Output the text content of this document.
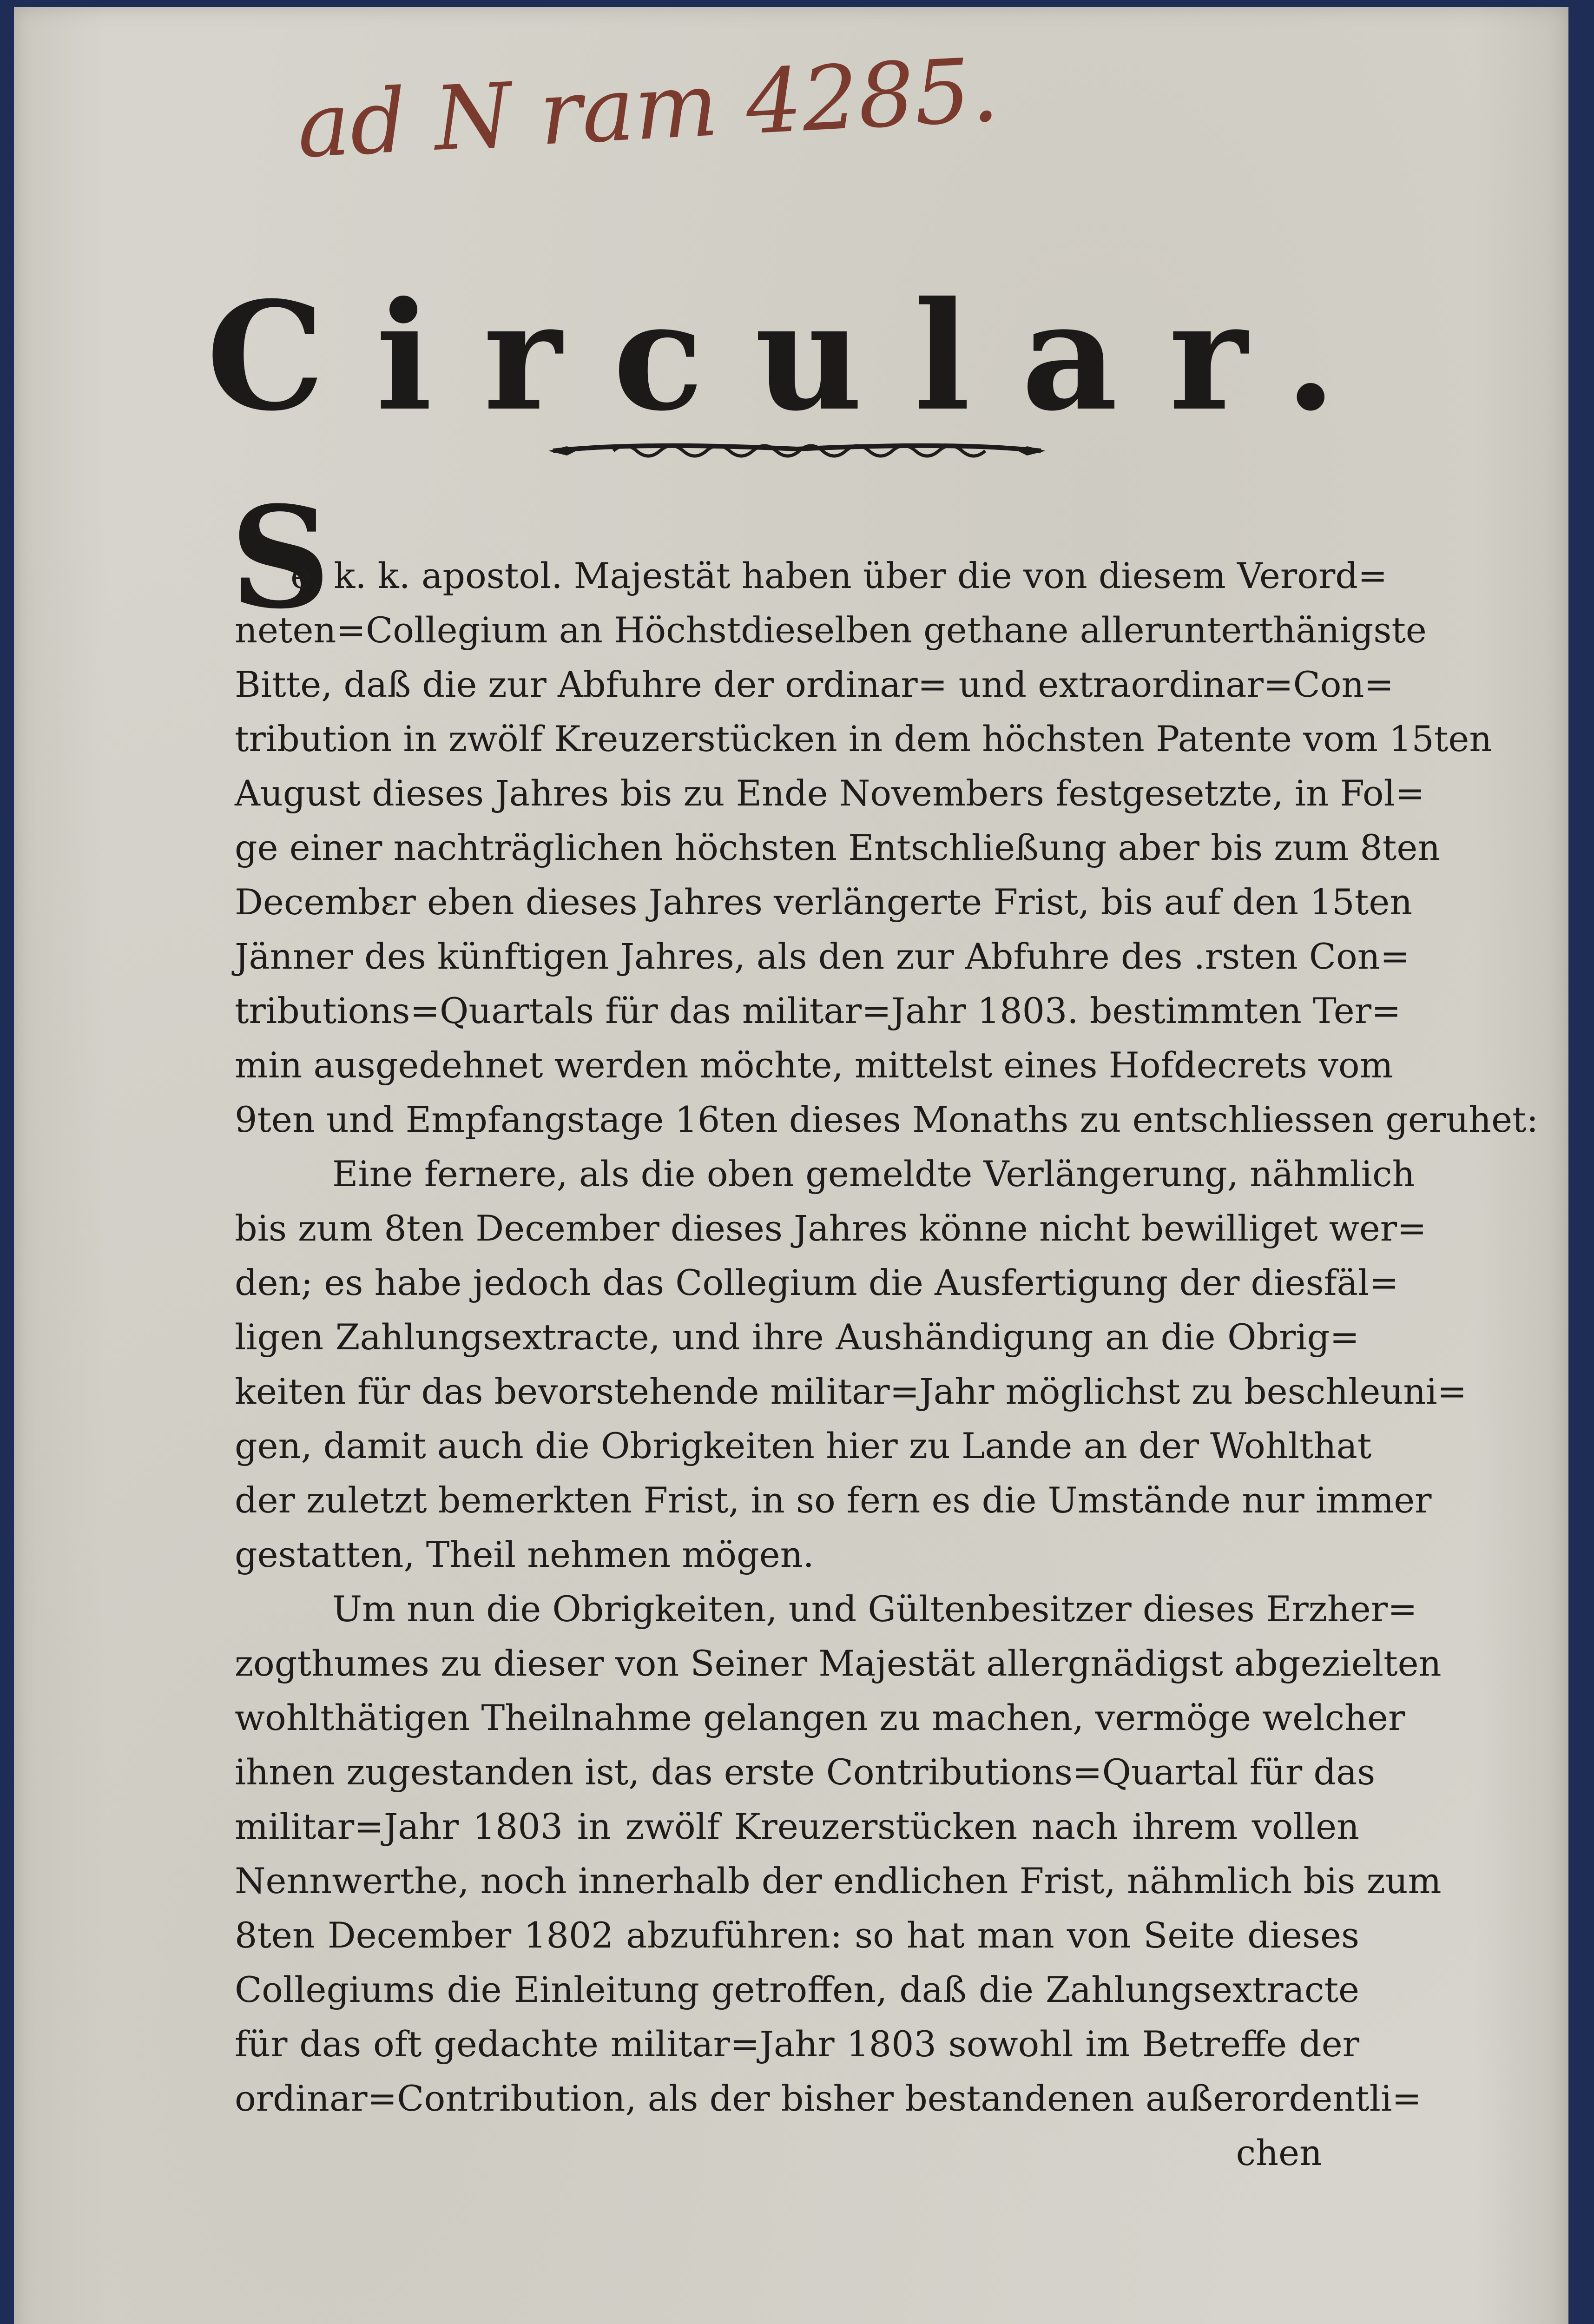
ad N ram 4285.

Circular.
S
e. k. k. apostol. Majestät haben über die von diesem Verord=
neten=Collegium an Höchstdieselben gethane allerunterthänigste
Bitte, daß die zur Abfuhre der ordinar= und extraordinar=Con=
tribution in zwölf Kreuzerstücken in dem höchsten Patente vom 15ten
August dieses Jahres bis zu Ende Novembers festgesetzte, in Fol=
ge einer nachträglichen höchsten Entschließung aber bis zum 8ten
Decembεr eben dieses Jahres verlängerte Frist, bis auf den 15ten
Jänner des künftigen Jahres, als den zur Abfuhre des .rsten Con=
tributions=Quartals für das militar=Jahr 1803. bestimmten Ter=
min ausgedehnet werden möchte, mittelst eines Hofdecrets vom
9ten und Empfangstage 16ten dieses Monaths zu entschliessen geruhet:
Eine fernere, als die oben gemeldte Verlängerung, nähmlich
bis zum 8ten December dieses Jahres könne nicht bewilliget wer=
den; es habe jedoch das Collegium die Ausfertigung der diesfäl=
ligen Zahlungsextracte, und ihre Aushändigung an die Obrig=
keiten für das bevorstehende militar=Jahr möglichst zu beschleuni=
gen, damit auch die Obrigkeiten hier zu Lande an der Wohlthat
der zuletzt bemerkten Frist, in so fern es die Umstände nur immer
gestatten, Theil nehmen mögen.
Um nun die Obrigkeiten, und Gültenbesitzer dieses Erzher=
zogthumes zu dieser von Seiner Majestät allergnädigst abgezielten
wohlthätigen Theilnahme gelangen zu machen, vermöge welcher
ihnen zugestanden ist, das erste Contributions=Quartal für das
militar=Jahr 1803 in zwölf Kreuzerstücken nach ihrem vollen
Nennwerthe, noch innerhalb der endlichen Frist, nähmlich bis zum
8ten December 1802 abzuführen: so hat man von Seite dieses
Collegiums die Einleitung getroffen, daß die Zahlungsextracte
für das oft gedachte militar=Jahr 1803 sowohl im Betreffe der
ordinar=Contribution, als der bisher bestandenen außerordentli=
chen
